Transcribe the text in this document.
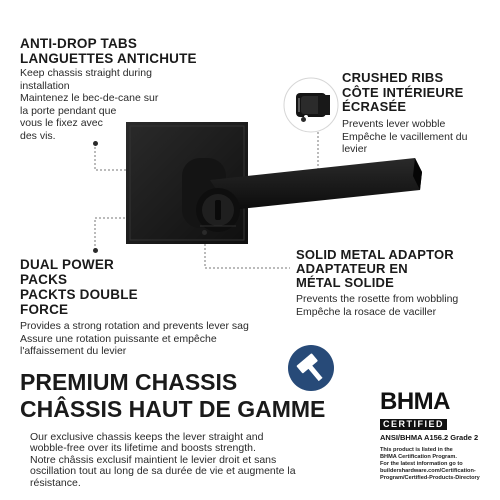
ANTI-DROP TABS
LANGUETTES ANTICHUTE
Keep chassis straight during
installation
Maintenez le bec-de-cane sur
la porte pendant que
vous le fixez avec
des vis.
CRUSHED RIBS
CÔTE INTÉRIEURE
ÉCRASÉE
Prevents lever wobble
Empêche le vacillement du
levier
DUAL POWER
PACKS
PACKTS DOUBLE
FORCE
Provides a strong rotation and prevents lever sag
Assure une rotation puissante et empêche
l'affaissement du levier
SOLID METAL ADAPTOR
ADAPTATEUR EN
MÉTAL SOLIDE
Prevents the rosette from wobbling
Empêche la rosace de vaciller
PREMIUM CHASSIS
CHÂSSIS HAUT DE GAMME
Our exclusive chassis keeps the lever straight and
wobble-free over its lifetime and boosts strength.
Notre châssis exclusif maintient le levier droit et sans
oscillation tout au long de sa durée de vie et augmente la
résistance.
BHMA
CERTIFIED
ANSI/BHMA A156.2 Grade 2
This product is listed in the
BHMA Certification Program.
For the latest information go to
buildershardware.com/Certification-
Program/Certified-Products-Directory
